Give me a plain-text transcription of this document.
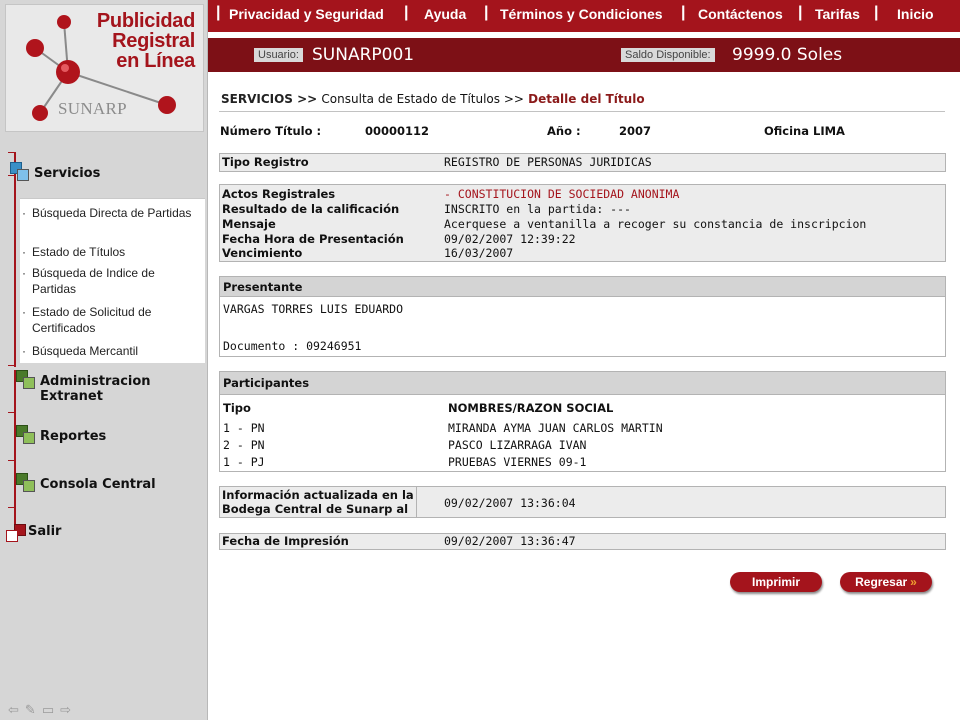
Publicidad
Registral
en Línea
SUNARP
Servicios
· Búsqueda Directa de Partidas
· Estado de Títulos
· Búsqueda de Indice de Partidas
· Estado de Solicitud de Certificados
· Búsqueda Mercantil
Administracion
Extranet
Reportes
Consola Central
Salir
⇦✎▭⇨
| Privacidad y Seguridad | Ayuda | Términos y Condiciones | Contáctenos | Tarifas | Inicio
Usuario: SUNARP001	Saldo Disponible: 9999.0 Soles
SERVICIOS >> Consulta de Estado de Títulos >> Detalle del Título
Número Título :	00000112	Año :	2007	Oficina LIMA
Tipo Registro	REGISTRO DE PERSONAS JURIDICAS
Actos Registrales	- CONSTITUCION DE SOCIEDAD ANONIMA
Resultado de la calificación	INSCRITO en la partida: ---
Mensaje	Acerquese a ventanilla a recoger su constancia de inscripcion
Fecha Hora de Presentación	09/02/2007 12:39:22
Vencimiento	16/03/2007
Presentante
VARGAS TORRES LUIS EDUARDO
Documento : 09246951
Participantes
Tipo	NOMBRES/RAZON SOCIAL
1 - PN	MIRANDA AYMA JUAN CARLOS MARTIN
2 - PN	PASCO LIZARRAGA IVAN
1 - PJ	PRUEBAS VIERNES 09-1
Información actualizada en la
Bodega Central de Sunarp al	09/02/2007 13:36:04
Fecha de Impresión	09/02/2007 13:36:47
Imprimir	Regresar »
